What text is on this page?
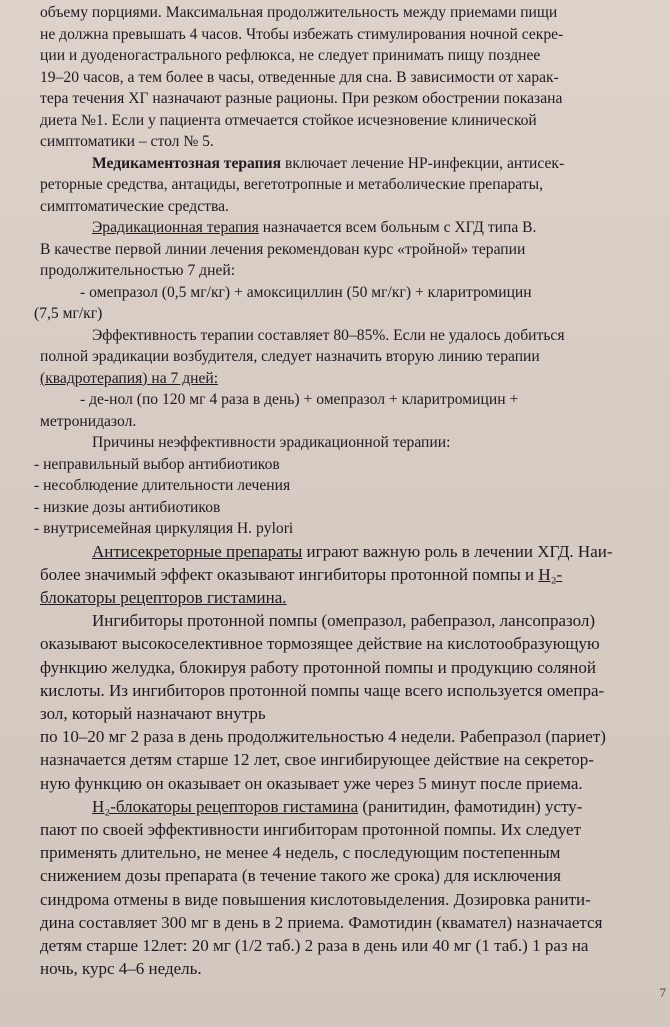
объему порциями. Максимальная продолжительность между приемами пищи
не должна превышать 4 часов. Чтобы избежать стимулирования ночной секре-
ции и дуоденогастрального рефлюкса, не следует принимать пищу позднее
19–20 часов, а тем более в часы, отведенные для сна. В зависимости от харак-
тера течения ХГ назначают разные рационы. При резком обострении показана
диета №1. Если у пациента отмечается стойкое исчезновение клинической
симптоматики – стол № 5.
Медикаментозная терапия включает лечение HP-инфекции, антисек-
реторные средства, антациды, вегетотропные и метаболические препараты,
симптоматические средства.
Эрадикационная терапия назначается всем больным с ХГД типа В.
В качестве первой линии лечения рекомендован курс «тройной» терапии
продолжительностью 7 дней:
- омепразол (0,5 мг/кг) + амоксициллин (50 мг/кг) + кларитромицин
(7,5 мг/кг)
Эффективность терапии составляет 80–85%. Если не удалось добиться
полной эрадикации возбудителя, следует назначить вторую линию терапии
(квадротерапия) на 7 дней:
- де-нол (по 120 мг 4 раза в день) + омепразол + кларитромицин +
метронидазол.
Причины неэффективности эрадикационной терапии:
- неправильный выбор антибиотиков
- несоблюдение длительности лечения
- низкие дозы антибиотиков
- внутрисемейная циркуляция H. pylori
Антисекреторные препараты играют важную роль в лечении ХГД. Наи-
более значимый эффект оказывают ингибиторы протонной помпы и H₂-
блокаторы рецепторов гистамина.
Ингибиторы протонной помпы (омепразол, рабепразол, лансопразол)
оказывают высокоселективное тормозящее действие на кислотообразующую
функцию желудка, блокируя работу протонной помпы и продукцию соляной
кислоты. Из ингибиторов протонной помпы чаще всего используется омепра-
зол, который назначают внутрь
по 10–20 мг 2 раза в день продолжительностью 4 недели. Рабепразол (париет)
назначается детям старше 12 лет, свое ингибирующее действие на секретор-
ную функцию он оказывает он оказывает уже через 5 минут после приема.
H₂-блокаторы рецепторов гистамина (ранитидин, фамотидин) усту-
пают по своей эффективности ингибиторам протонной помпы. Их следует
применять длительно, не менее 4 недель, с последующим постепенным
снижением дозы препарата (в течение такого же срока) для исключения
синдрома отмены в виде повышения кислотовыделения. Дозировка ранити-
дина составляет 300 мг в день в 2 приема. Фамотидин (квамател) назначается
детям старше 12лет: 20 мг (1/2 таб.) 2 раза в день или 40 мг (1 таб.) 1 раз на
ночь, курс 4–6 недель.
7
